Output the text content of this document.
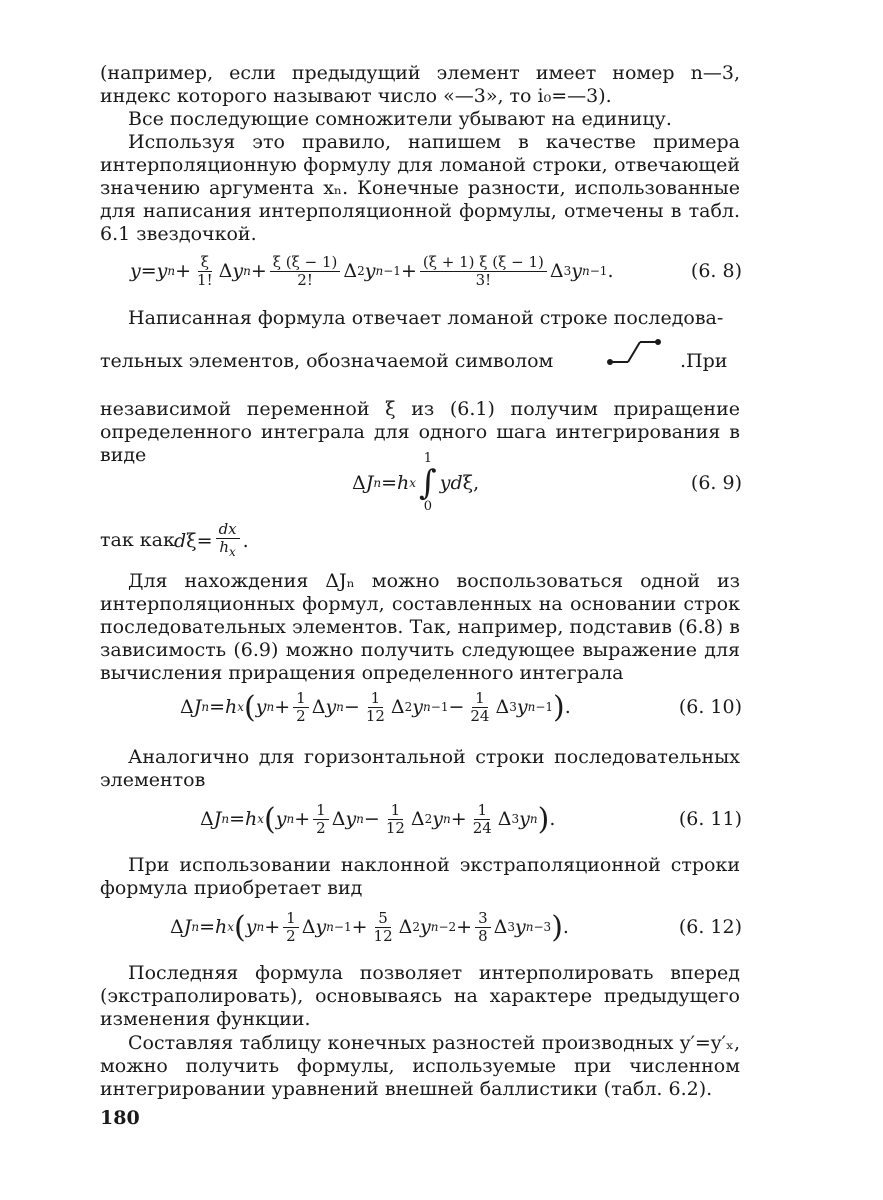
(например, если предыдущий элемент имеет номер n—3, индекс которого называют число «—3», то i₀=—3).

Все последующие сомножители убывают на единицу.

Используя это правило, напишем в качестве примера интерполяционную формулу для ломаной строки, отвечающей значению аргумента xₙ. Конечные разности, использованные для написания интерполяционной формулы, отмечены в табл. 6.1 звездочкой.

y = y $n + \frac{\xi}{1!}$ Δ y $n + \frac{\xi (\xi - 1)}{2!}$ Δ 2 y $n-1 + \frac{(\xi + 1) \xi (\xi - 1)}{3!}$ Δ 3 y n−1 .	(6. 8)
Написанная формула отвечает ломаной строке последова-
тельных элементов, обозначаемой символом	.При

независимой переменной ξ из (6.1) получим приращение определенного интеграла для одного шага интегрирования в виде

Δ J n = h x
1
∫
0
y d ξ,	(6. 9)
так как d $\xi= \frac{dx}{h_x}$ .

Для нахождения ΔJₙ можно воспользоваться одной из интерполяционных формул, составленных на основании строк последовательных элементов. Так, например, подставив (6.8) в зависимость (6.9) можно получить следующее выражение для вычисления приращения определенного интеграла

Δ J n = h x ( y $n + \frac{1}{2}$ Δ y $n - \frac{1}{12}$ Δ 2 y $n-1 - \frac{1}{24}$ Δ 3 y n−1 ) .	(6. 10)

Аналогично для горизонтальной строки последовательных элементов

Δ J n = h x ( y $n + \frac{1}{2}$ Δ y $n - \frac{1}{12}$ Δ 2 y $n + \frac{1}{24}$ Δ 3 y n ) .	(6. 11)

При использовании наклонной экстраполяционной строки формула приобретает вид

Δ J n = h x ( y $n + \frac{1}{2}$ Δ y $n-1 + \frac{5}{12}$ Δ 2 y $n-2 + \frac{3}{8}$ Δ 3 y n−3 ) .	(6. 12)

Последняя формула позволяет интерполировать вперед (экстраполировать), основываясь на характере предыдущего изменения функции.

Составляя таблицу конечных разностей производных y′=y′ₓ, можно получить формулы, используемые при численном интегрировании уравнений внешней баллистики (табл. 6.2).

180
